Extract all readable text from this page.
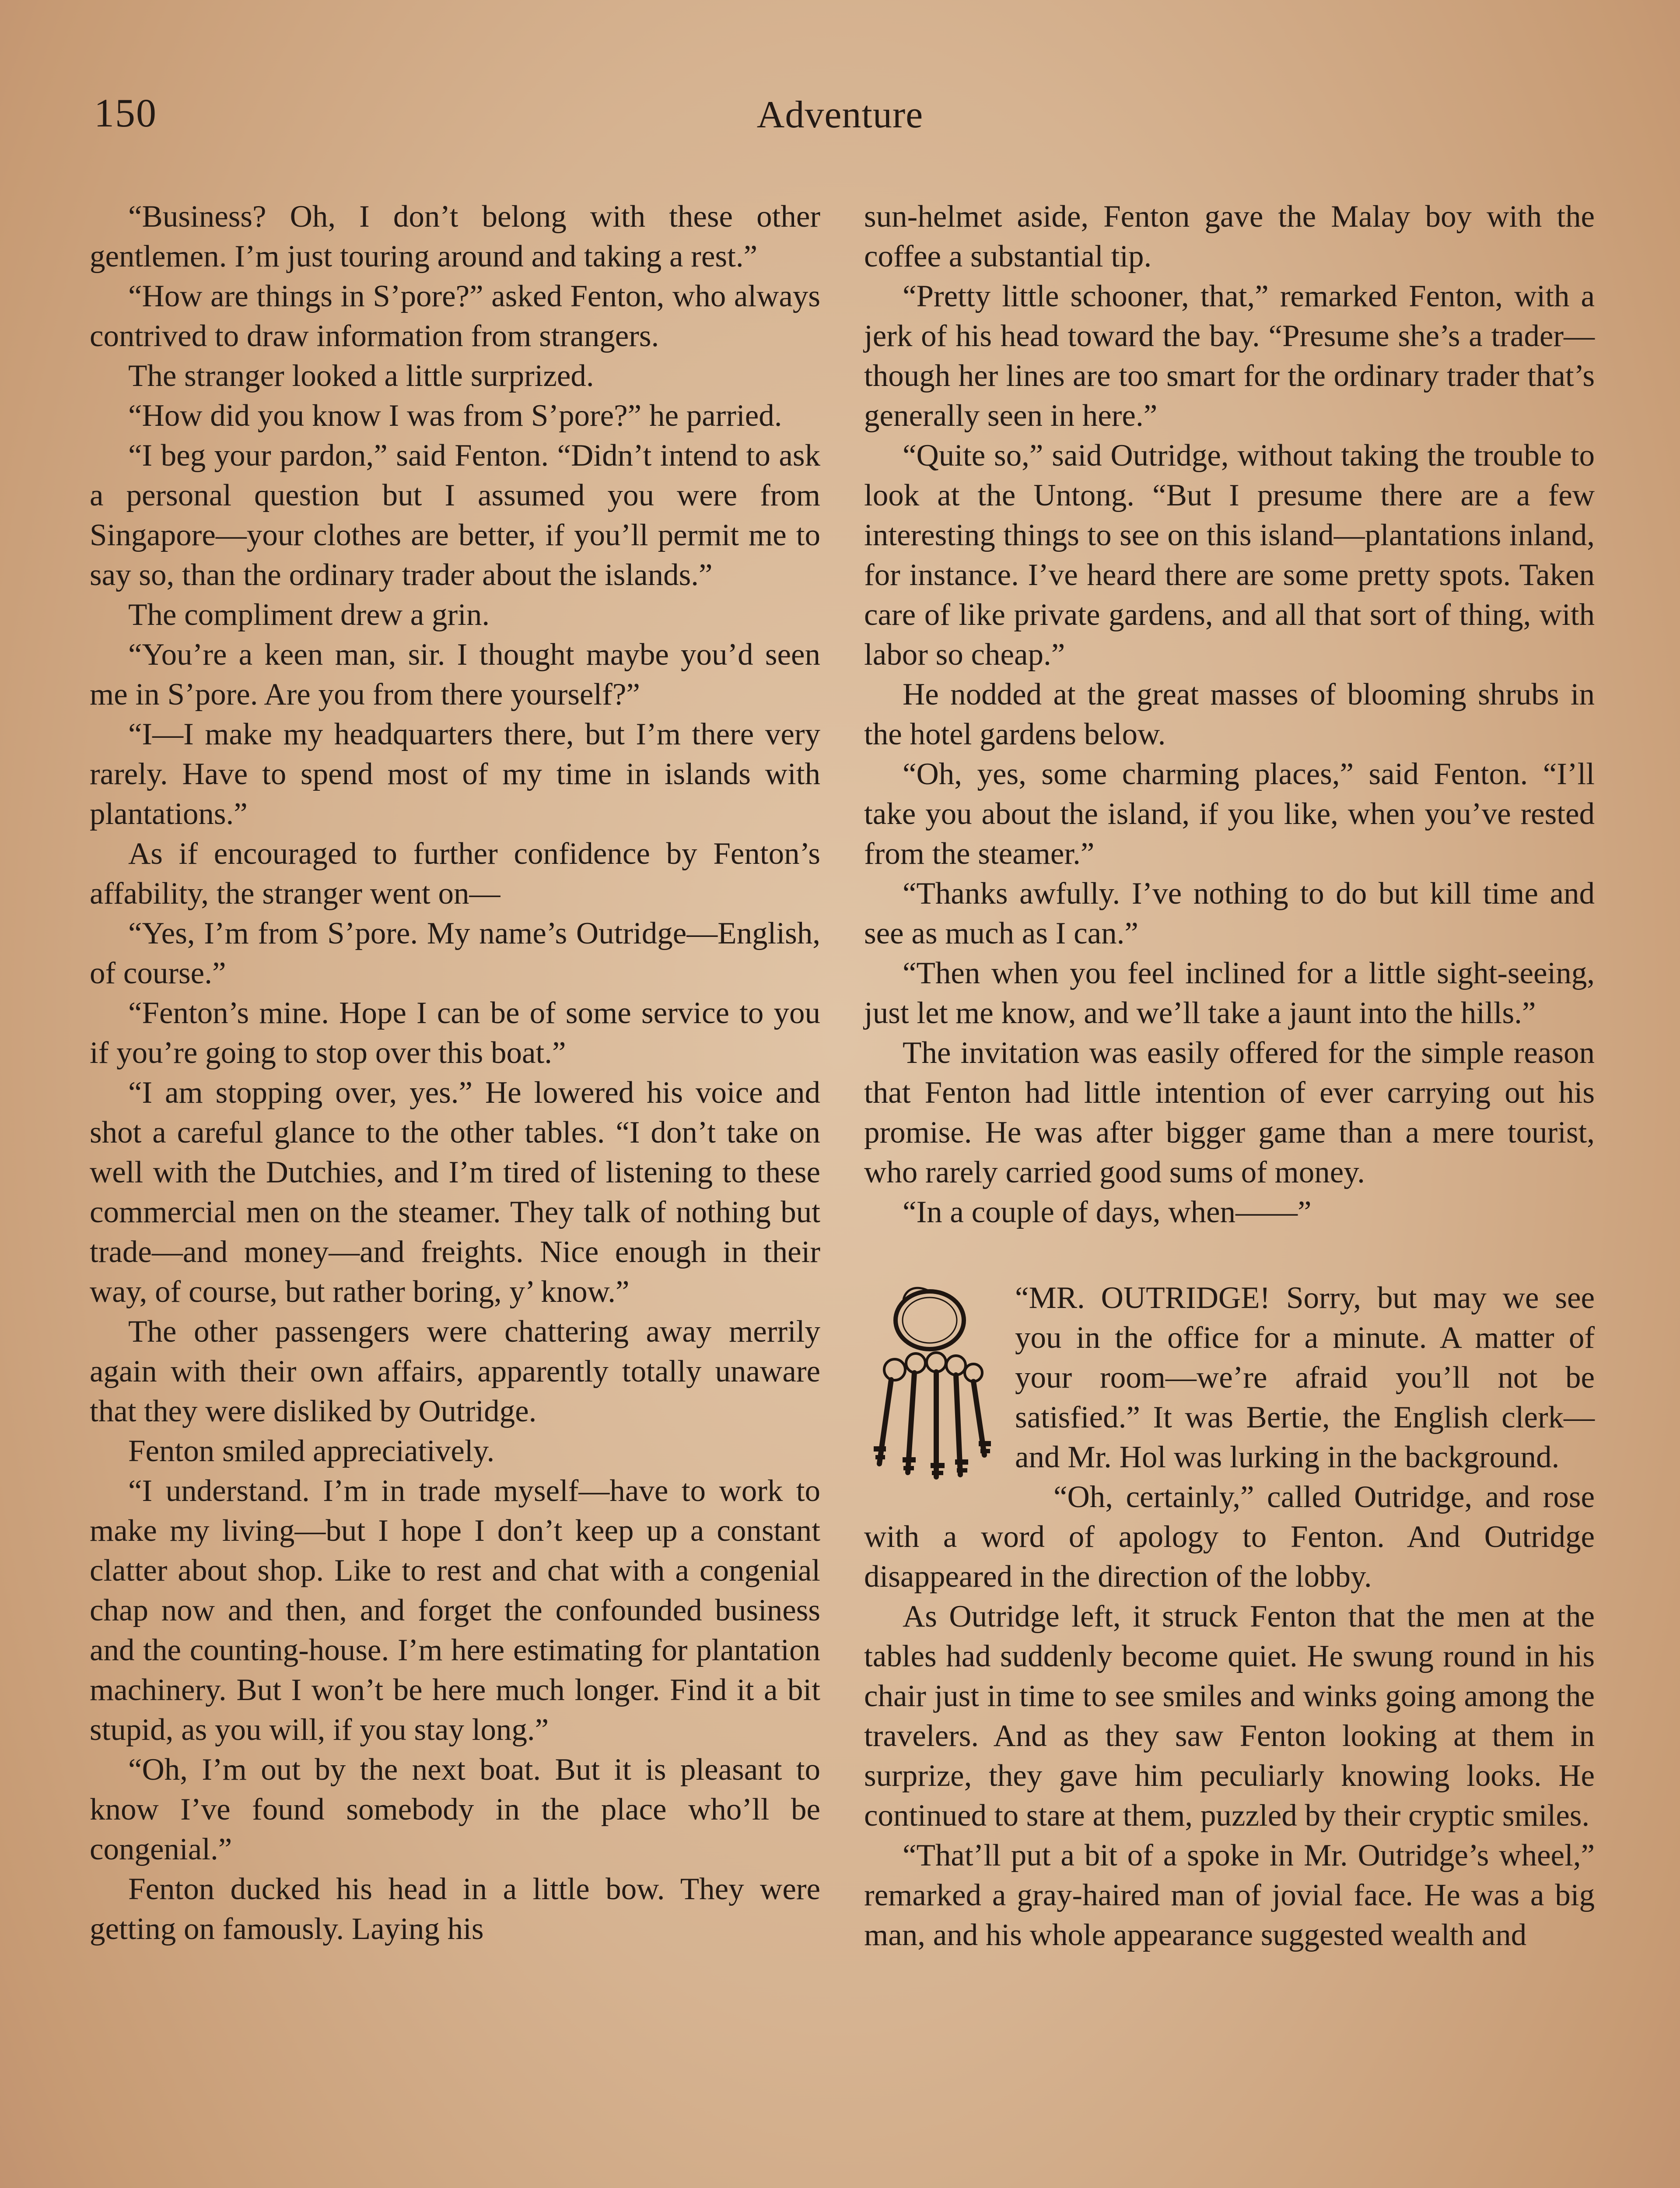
150	Adventure

“Business? Oh, I don’t belong with these other gentlemen. I’m just touring around and taking a rest.”

“How are things in S’pore?” asked Fenton, who always contrived to draw information from strangers.

The stranger looked a little surprized.

“How did you know I was from S’pore?” he parried.

“I beg your pardon,” said Fenton. “Didn’t intend to ask a personal question but I assumed you were from Singapore—your clothes are better, if you’ll permit me to say so, than the ordinary trader about the islands.”

The compliment drew a grin.

“You’re a keen man, sir. I thought maybe you’d seen me in S’pore. Are you from there yourself?”

“I—I make my headquarters there, but I’m there very rarely. Have to spend most of my time in islands with plantations.”

As if encouraged to further confidence by Fenton’s affability, the stranger went on—

“Yes, I’m from S’pore. My name’s Outridge—English, of course.”

“Fenton’s mine. Hope I can be of some service to you if you’re going to stop over this boat.”

“I am stopping over, yes.” He lowered his voice and shot a careful glance to the other tables. “I don’t take on well with the Dutchies, and I’m tired of listening to these commercial men on the steamer. They talk of nothing but trade—and money—and freights. Nice enough in their way, of course, but rather boring, y’ know.”

The other passengers were chattering away merrily again with their own affairs, apparently totally unaware that they were disliked by Outridge.

Fenton smiled appreciatively.

“I understand. I’m in trade myself—have to work to make my living—but I hope I don’t keep up a constant clatter about shop. Like to rest and chat with a congenial chap now and then, and forget the confounded business and the counting-house. I’m here estimating for plantation machinery. But I won’t be here much longer. Find it a bit stupid, as you will, if you stay long.”

“Oh, I’m out by the next boat. But it is pleasant to know I’ve found somebody in the place who’ll be congenial.”

Fenton ducked his head in a little bow. They were getting on famously. Laying his

sun-helmet aside, Fenton gave the Malay boy with the coffee a substantial tip.

“Pretty little schooner, that,” remarked Fenton, with a jerk of his head toward the bay. “Presume she’s a trader—though her lines are too smart for the ordinary trader that’s generally seen in here.”

“Quite so,” said Outridge, without taking the trouble to look at the Untong. “But I presume there are a few interesting things to see on this island—plantations inland, for instance. I’ve heard there are some pretty spots. Taken care of like private gardens, and all that sort of thing, with labor so cheap.”

He nodded at the great masses of blooming shrubs in the hotel gardens below.

“Oh, yes, some charming places,” said Fenton. “I’ll take you about the island, if you like, when you’ve rested from the steamer.”

“Thanks awfully. I’ve nothing to do but kill time and see as much as I can.”

“Then when you feel inclined for a little sight-seeing, just let me know, and we’ll take a jaunt into the hills.”

The invitation was easily offered for the simple reason that Fenton had little intention of ever carrying out his promise. He was after bigger game than a mere tourist, who rarely carried good sums of money.

“In a couple of days, when——”

“MR. OUTRIDGE! Sorry, but may we see you in the office for a minute. A matter of your room—we’re afraid you’ll not be satisfied.” It was Bertie, the English clerk—and Mr. Hol was lurking in the background.

“Oh, certainly,” called Outridge, and rose with a word of apology to Fenton. And Outridge disappeared in the direction of the lobby.

As Outridge left, it struck Fenton that the men at the tables had suddenly become quiet. He swung round in his chair just in time to see smiles and winks going among the travelers. And as they saw Fenton looking at them in surprize, they gave him peculiarly knowing looks. He continued to stare at them, puzzled by their cryptic smiles.

“That’ll put a bit of a spoke in Mr. Outridge’s wheel,” remarked a gray-haired man of jovial face. He was a big man, and his whole appearance suggested wealth and
